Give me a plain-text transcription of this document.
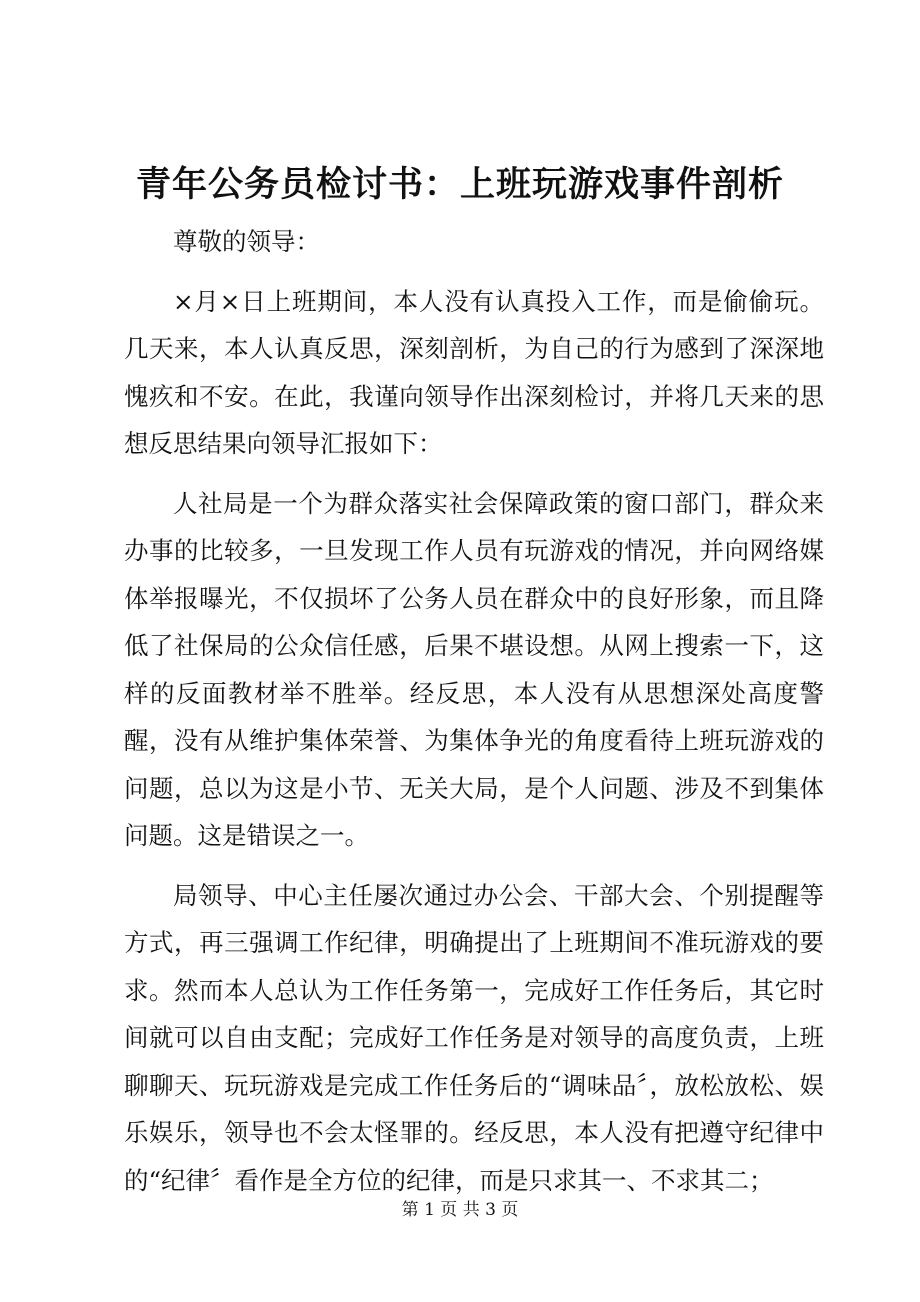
青年公务员检讨书：上班玩游戏事件剖析

尊敬的领导：

×月×日上班期间，本人没有认真投入工作，而是偷偷玩。几天来，本人认真反思，深刻剖析，为自己的行为感到了深深地愧疚和不安。在此，我谨向领导作出深刻检讨，并将几天来的思想反思结果向领导汇报如下：

人社局是一个为群众落实社会保障政策的窗口部门，群众来办事的比较多，一旦发现工作人员有玩游戏的情况，并向网络媒体举报曝光，不仅损坏了公务人员在群众中的良好形象，而且降低了社保局的公众信任感，后果不堪设想。从网上搜索一下，这样的反面教材举不胜举。经反思，本人没有从思想深处高度警醒，没有从维护集体荣誉、为集体争光的角度看待上班玩游戏的问题，总以为这是小节、无关大局，是个人问题、涉及不到集体问题。这是错误之一。

局领导、中心主任屡次通过办公会、干部大会、个别提醒等方式，再三强调工作纪律，明确提出了上班期间不准玩游戏的要求。然而本人总认为工作任务第一，完成好工作任务后，其它时间就可以自由支配；完成好工作任务是对领导的高度负责，上班聊聊天、玩玩游戏是完成工作任务后的“调味品〞，放松放松、娱乐娱乐，领导也不会太怪罪的。经反思，本人没有把遵守纪律中的“纪律〞看作是全方位的纪律，而是只求其一、不求其二；

第 1 页 共 3 页
